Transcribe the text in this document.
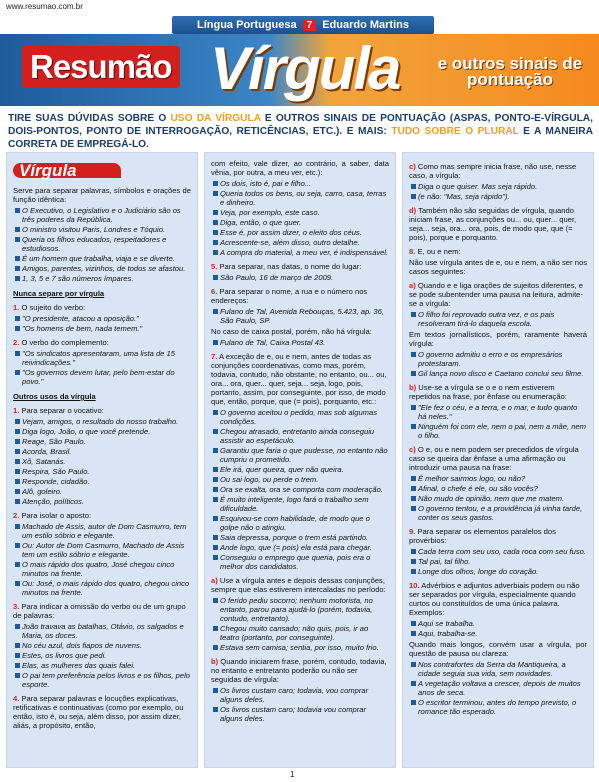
www.resumao.com.br
Língua Portuguesa	7 Eduardo Martins
Resumão Vírgula	e outros sinais de pontuação
TIRE SUAS DÚVIDAS SOBRE O USO DA VÍRGULA E OUTROS SINAIS DE PONTUAÇÃO (ASPAS, PONTO-E-VÍRGULA, DOIS-PONTOS, PONTO DE INTERROGAÇÃO, RETICÊNCIAS, ETC.). E MAIS: TUDO SOBRE O PLURAL E A MANEIRA CORRETA DE EMPREGÁ-LO.
Vírgula
Serve para separar palavras, símbolos e orações de função idêntica:
O Executivo, o Legislativo e o Judiciário são os três poderes da República.
O ministro visitou Paris, Londres e Tóquio.
Queria os filhos educados, respeitadores e estudiosos.
É um homem que trabalha, viaja e se diverte.
Amigos, parentes, vizinhos, de todos se afastou.
1, 3, 5 e 7 são números ímpares.
Nunca separe por vírgula
1. O sujeito do verbo:
"O presidente, atacou a oposição."
"Os homens de bem, nada temem."
2. O verbo do complemento:
"Os sindicatos apresentaram, uma lista de 15 reivindicações."
"Os governos devem lutar, pelo bem-estar do povo."
Outros usos da vírgula
1. Para separar o vocativo:
Vejam, amigos, o resultado do nosso trabalho.
Diga logo, João, o que você pretende.
Reage, São Paulo.
Acorda, Brasil.
Xô, Satanás.
Respira, São Paulo.
Responde, cidadão.
Alô, goleiro.
Atenção, políticos.
2. Para isolar o aposto:
Machado de Assis, autor de Dom Casmurro, tem um estilo sóbrio e elegante.
Ou: Autor de Dom Casmurro, Machado de Assis tem um estilo sóbrio e elegante.
O mais rápido dos quatro, José chegou cinco minutos na frente.
Ou: José, o mais rápido dos quatro, chegou cinco minutos na frente.
3. Para indicar a omissão do verbo ou de um grupo de palavras:
João travava as batalhas, Otávio, os salgados e Maria, os doces.
No céu azul, dois fiapos de nuvens.
Estes, os livros que pedi.
Elas, as mulheres das quais falei.
O pai tem preferência pelos livros e os filhos, pelo esporte.
4. Para separar palavras e locuções explicativas, retificativas e continuativas (como por exemplo, ou então, isto é, ou seja, além disso, por assim dizer, aliás, a propósito, então,
com efeito, vale dizer, ao contrário, a saber, data vênia, por outra, a meu ver, etc.):
Os dois, isto é, pai e filho...
Queria todos os bens, ou seja, carro, casa, terras e dinheiro.
Veja, por exemplo, este caso.
Diga, então, o que quer.
Esse é, por assim dizer, o eleito dos céus.
Acrescente-se, além disso, outro detalhe.
A compra do material, a meu ver, é indispensável.
5. Para separar, nas datas, o nome do lugar:
São Paulo, 16 de março de 2009.
6. Para separar o nome, a rua e o número nos endereços:
Fulano de Tal, Avenida Rebouças, 5.423, ap. 36, São Paulo, SP.
No caso de caixa postal, porém, não há vírgula:
Fulano de Tal, Caixa Postal 43.
7. A exceção de e, ou e nem, antes de todas as conjunções coordenativas, como mas, porém, todavia, contudo, não obstante, no entanto, ou... ou, ora... ora, quer... quer, seja... seja, logo, pois, portanto, assim, por conseguinte, por isso, de modo que, então, porque, que (= pois), porquanto, etc.:
O governo aceitou o pedido, mas sob algumas condições.
Chegou atrasado, entretanto ainda conseguiu assistir ao espetáculo.
Garantiu que faria o que pudesse, no entanto não cumpriu o prometido.
Ele irá, quer queira, quer não queira.
Ou sai logo, ou perde o trem.
Ora se exalta, ora se comporta com moderação.
É muito inteligente, logo fará o trabalho sem dificuldade.
Esquivou-se com habilidade, de modo que o golpe não o atingiu.
Saia depressa, porque o trem está partindo.
Ande logo, que (= pois) ela está para chegar.
Conseguiu o emprego que queria, pois era o melhor dos candidatos.
a) Use a vírgula antes e depois dessas conjunções, sempre que elas estiverem intercaladas no período:
O ferido pediu socorro; nenhum motorista, no entanto, parou para ajudá-lo (porém, todavia, contudo, entretanto).
Chegou muito cansado; não quis, pois, ir ao teatro (portanto, por conseguinte).
Estava sem camisa; sentia, por isso, muito frio.
b) Quando iniciarem frase, porém, contudo, todavia, no entanto e entretanto poderão ou não ser seguidas de vírgula:
Os livros custam caro; todavia, vou comprar alguns deles.
Os livros custam caro; todavia vou comprar alguns deles.
c) Como mas sempre inicia frase, não use, nesse caso, a vírgula:
Diga o que quiser. Mas seja rápido.
(e não: "Mas, seja rápido").
d) Também não são seguidas de vírgula, quando iniciam frase, as conjunções ou... ou, quer... quer, seja... seja, ora... ora, pois, de modo que, que (= pois), porque e porquanto.
8. E, ou e nem:
Não use vírgula antes de e, ou e nem, a não ser nos casos seguintes:
a) Quando e e liga orações de sujeitos diferentes, e se pode subentender uma pausa na leitura, admite-se a vírgula:
O filho foi reprovado outra vez, e os pais resolveram tirá-lo daquela escola.
Em textos jornalísticos, porém, raramente haverá vírgula:
O governo admitiu o erro e os empresários protestaram.
Gil lança novo disco e Caetano conclui seu filme.
b) Use-se a vírgula se o e o nem estiverem repetidos na frase, por ênfase ou enumeração:
"Ele fez o céu, e a terra, e o mar, e tudo quanto há neles."
Ninguém foi com ele, nem o pai, nem a mãe, nem o filho.
c) O e, ou e nem podem ser precedidos de vírgula caso se queira dar ênfase a uma afirmação ou introduzir uma pausa na frase:
É melhor sairmos logo, ou não?
Afinal, o chefe é ele, ou são vocês?
Não mudo de opinião, nem que me matem.
O governo tentou, e a providência já vinha tarde, conter os seus gastos.
9. Para separar os elementos paralelos dos provérbios:
Cada terra com seu uso, cada roca com seu fuso.
Tal pai, tal filho.
Longe dos olhos, longe do coração.
10. Advérbios e adjuntos adverbiais podem ou não ser separados por vírgula, especialmente quando curtos ou constituídos de uma única palavra. Exemplos:
Aqui se trabalha.
Aqui, trabalha-se.
Quando mais longos, convém usar a vírgula, por questão de pausa ou clareza:
Nos contrafortes da Serra da Mantiqueira, a cidade seguia sua vida, sem novidades.
A vegetação voltava a crescer, depois de muitos anos de seca.
O escritor terminou, antes do tempo previsto, o romance tão esperado.
1
